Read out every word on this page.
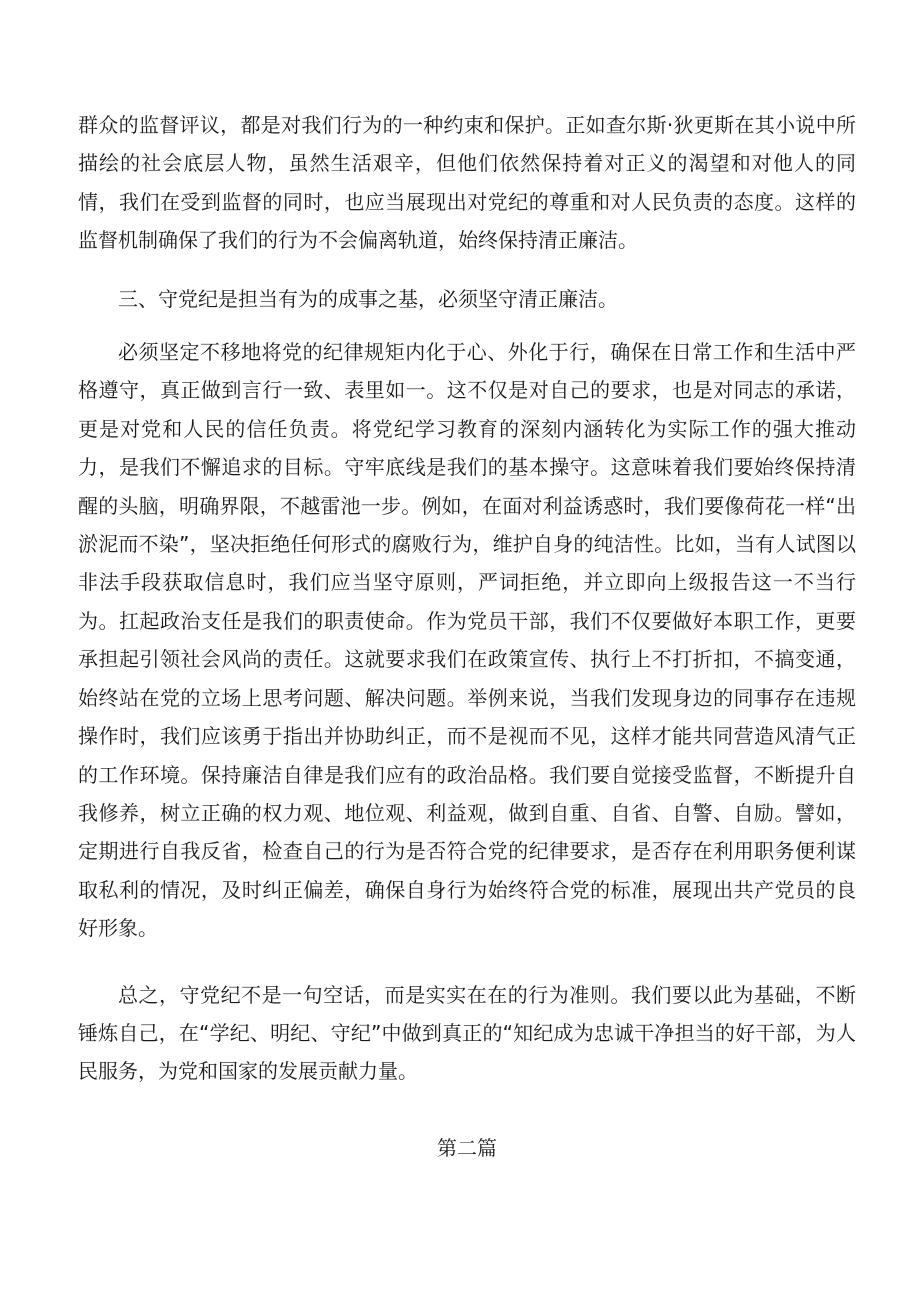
群众的监督评议，都是对我们行为的一种约束和保护。正如查尔斯·狄更斯在其小说中所描绘的社会底层人物，虽然生活艰辛，但他们依然保持着对正义的渴望和对他人的同情，我们在受到监督的同时，也应当展现出对党纪的尊重和对人民负责的态度。这样的监督机制确保了我们的行为不会偏离轨道，始终保持清正廉洁。

三、守党纪是担当有为的成事之基，必须坚守清正廉洁。

必须坚定不移地将党的纪律规矩内化于心、外化于行，确保在日常工作和生活中严格遵守，真正做到言行一致、表里如一。这不仅是对自己的要求，也是对同志的承诺，更是对党和人民的信任负责。将党纪学习教育的深刻内涵转化为实际工作的强大推动力，是我们不懈追求的目标。守牢底线是我们的基本操守。这意味着我们要始终保持清醒的头脑，明确界限，不越雷池一步。例如，在面对利益诱惑时，我们要像荷花一样“出淤泥而不染”，坚决拒绝任何形式的腐败行为，维护自身的纯洁性。比如，当有人试图以非法手段获取信息时，我们应当坚守原则，严词拒绝，并立即向上级报告这一不当行为。扛起政治支任是我们的职责使命。作为党员干部，我们不仅要做好本职工作，更要承担起引领社会风尚的责任。这就要求我们在政策宣传、执行上不打折扣，不搞变通，始终站在党的立场上思考问题、解决问题。举例来说，当我们发现身边的同事存在违规操作时，我们应该勇于指出并协助纠正，而不是视而不见，这样才能共同营造风清气正的工作环境。保持廉洁自律是我们应有的政治品格。我们要自觉接受监督，不断提升自我修养，树立正确的权力观、地位观、利益观，做到自重、自省、自警、自励。譬如，定期进行自我反省，检查自己的行为是否符合党的纪律要求，是否存在利用职务便利谋取私利的情况，及时纠正偏差，确保自身行为始终符合党的标准，展现出共产党员的良好形象。

总之，守党纪不是一句空话，而是实实在在的行为准则。我们要以此为基础，不断锤炼自己，在“学纪、明纪、守纪”中做到真正的“知纪成为忠诚干净担当的好干部，为人民服务，为党和国家的发展贡献力量。

第二篇
